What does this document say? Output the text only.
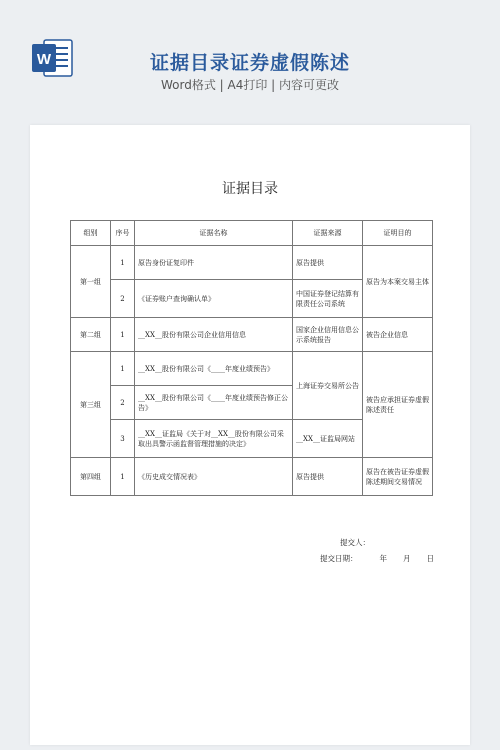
W	证据目录证券虚假陈述
Word格式 | A4打印 | 内容可更改
证据目录
组别	序号	证据名称	证据来源	证明目的
第一组	1	原告身份证复印件	原告提供	原告为本案交易主体
	2	《证券账户查询确认单》	中国证券登记结算有限责任公司系统	
第二组	1	__XX__股份有限公司企业信用信息	国家企业信用信息公示系统报告	被告企业信息
第三组	1	__XX__股份有限公司《____年度业绩预告》	上海证券交易所公告	被告应承担证券虚假陈述责任
	2	__XX__股份有限公司《____年度业绩预告修正公告》		
	3	__XX__证监局《关于对__XX__股份有限公司采取出具警示函监督管理措施的决定》	__XX__证监局网站	
第四组	1	《历史成交情况表》	原告提供	原告在被告证券虚假陈述期间交易情况
提交人：
提交日期：	年 月 日
